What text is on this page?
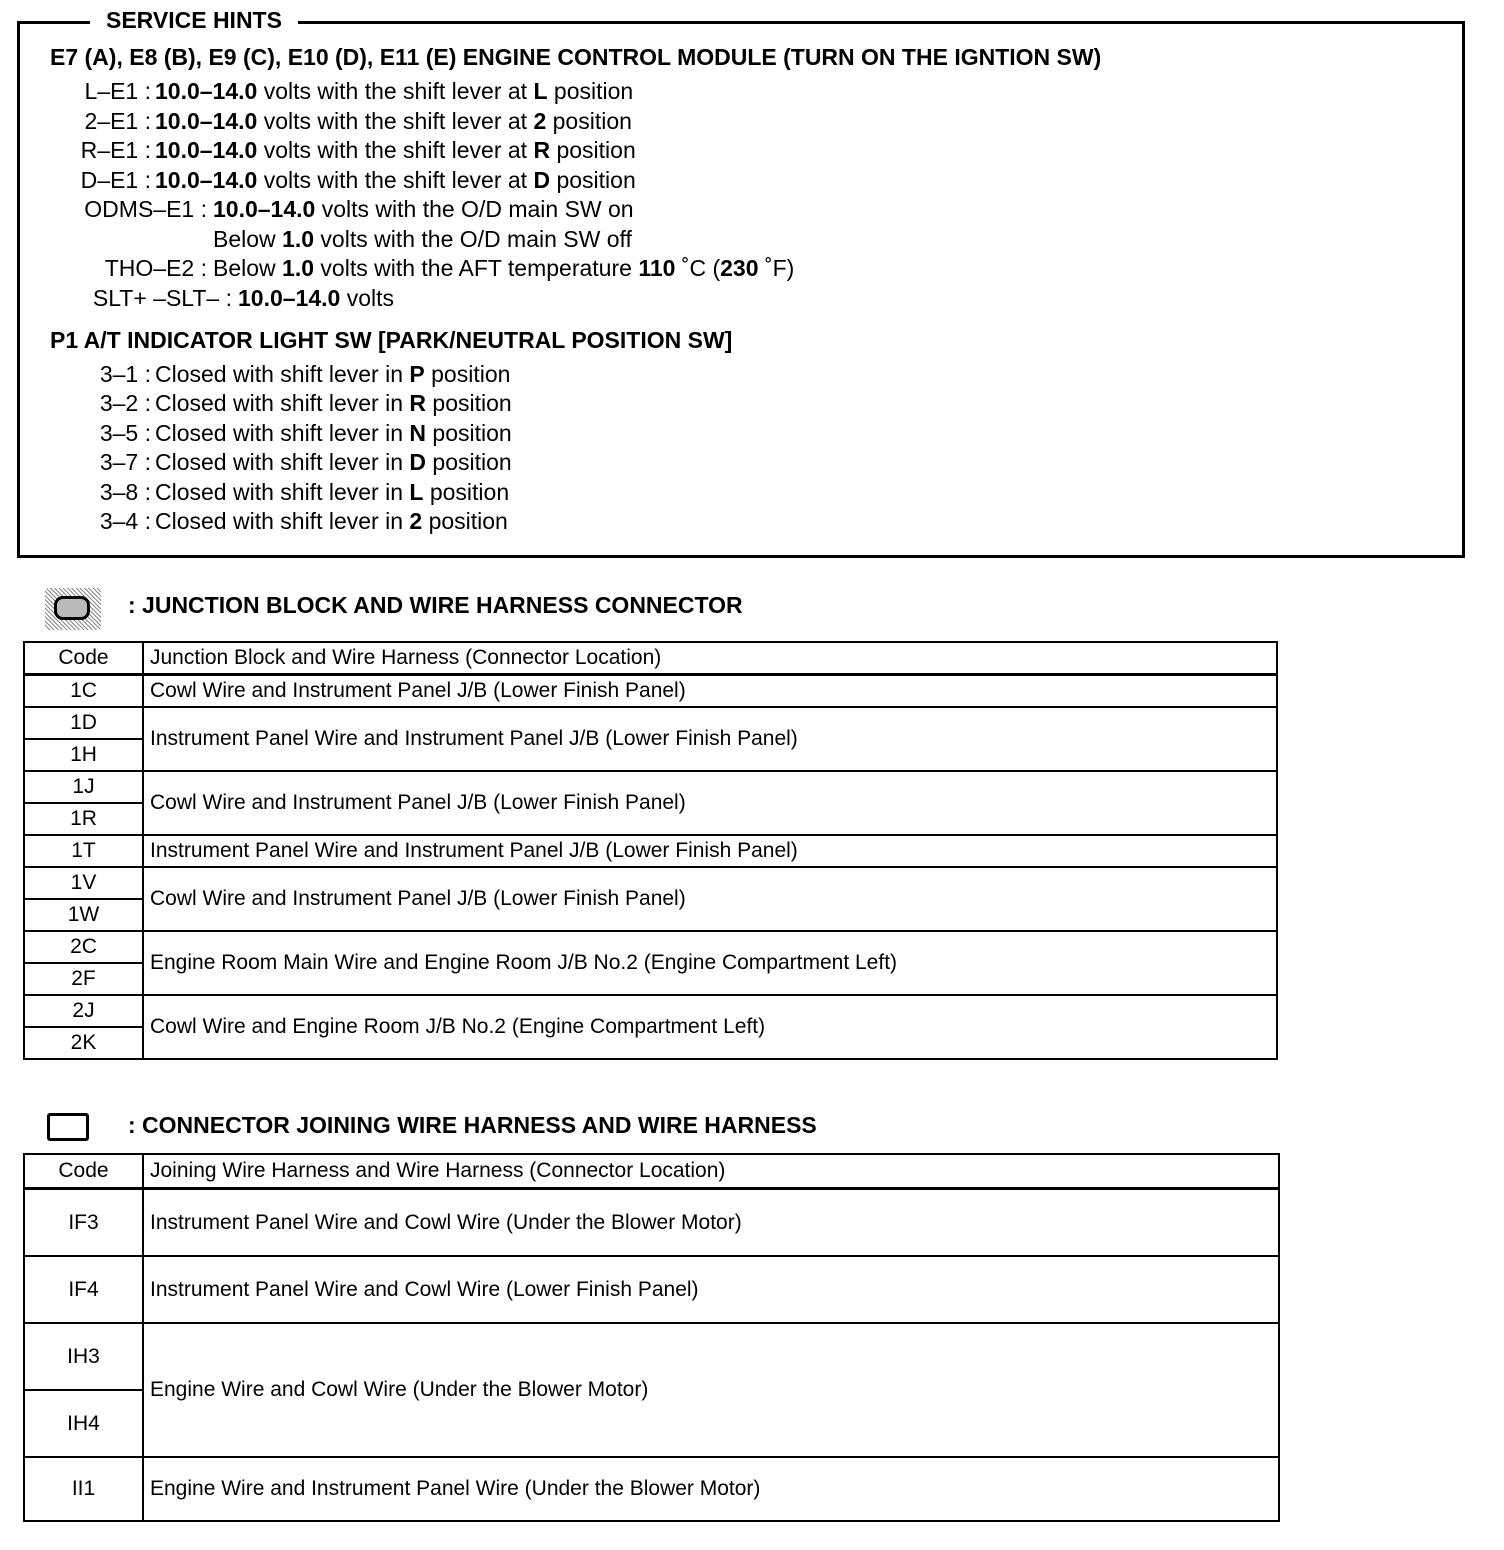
SERVICE HINTS
E7 (A), E8 (B), E9 (C), E10 (D), E11 (E) ENGINE CONTROL MODULE (TURN ON THE IGNTION SW)
L–E1 : 10.0–14.0 volts with the shift lever at L position
2–E1 : 10.0–14.0 volts with the shift lever at 2 position
R–E1 : 10.0–14.0 volts with the shift lever at R position
D–E1 : 10.0–14.0 volts with the shift lever at D position
ODMS–E1 : 10.0–14.0 volts with the O/D main SW on
Below 1.0 volts with the O/D main SW off
THO–E2 : Below 1.0 volts with the AFT temperature 110 ˚C (230 ˚F)
SLT+ –SLT– : 10.0–14.0 volts
P1 A/T INDICATOR LIGHT SW [PARK/NEUTRAL POSITION SW]
3–1 : Closed with shift lever in P position
3–2 : Closed with shift lever in R position
3–5 : Closed with shift lever in N position
3–7 : Closed with shift lever in D position
3–8 : Closed with shift lever in L position
3–4 : Closed with shift lever in 2 position
: JUNCTION BLOCK AND WIRE HARNESS CONNECTOR
Code	Junction Block and Wire Harness (Connector Location)
1C	Cowl Wire and Instrument Panel J/B (Lower Finish Panel)
1D	Instrument Panel Wire and Instrument Panel J/B (Lower Finish Panel)
1H	
1J	Cowl Wire and Instrument Panel J/B (Lower Finish Panel)
1R	
1T	Instrument Panel Wire and Instrument Panel J/B (Lower Finish Panel)
1V	Cowl Wire and Instrument Panel J/B (Lower Finish Panel)
1W	
2C	Engine Room Main Wire and Engine Room J/B No.2 (Engine Compartment Left)
2F	
2J	Cowl Wire and Engine Room J/B No.2 (Engine Compartment Left)
2K	
: CONNECTOR JOINING WIRE HARNESS AND WIRE HARNESS
Code	Joining Wire Harness and Wire Harness (Connector Location)
IF3	Instrument Panel Wire and Cowl Wire (Under the Blower Motor)
IF4	Instrument Panel Wire and Cowl Wire (Lower Finish Panel)
IH3	Engine Wire and Cowl Wire (Under the Blower Motor)
IH4	
II1	Engine Wire and Instrument Panel Wire (Under the Blower Motor)
